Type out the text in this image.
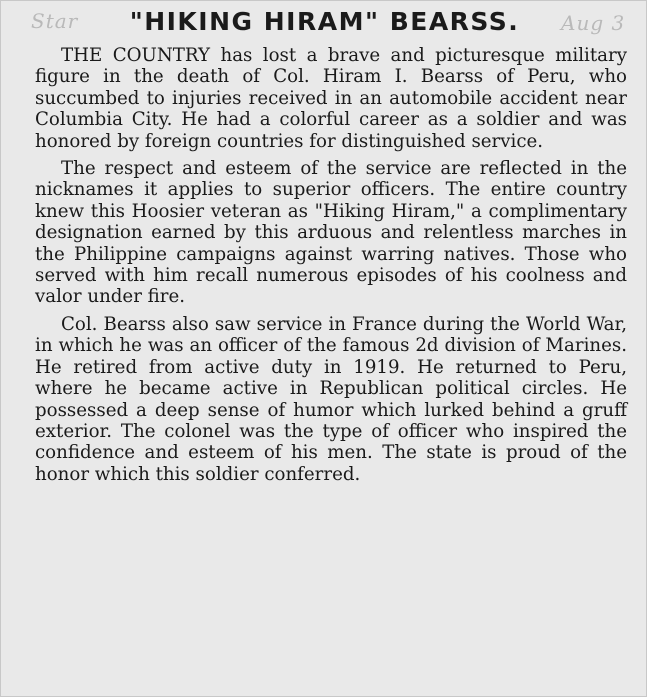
Star	Aug 3
"HIKING HIRAM" BEARSS.

THE COUNTRY has lost a brave and picturesque military figure in the death of Col. Hiram I. Bearss of Peru, who succumbed to injuries received in an automobile accident near Columbia City. He had a colorful career as a soldier and was honored by foreign countries for distinguished service.

The respect and esteem of the service are reflected in the nicknames it applies to superior officers. The entire country knew this Hoosier veteran as "Hiking Hiram," a complimentary designation earned by this arduous and relentless marches in the Philippine campaigns against warring natives. Those who served with him recall numerous episodes of his coolness and valor under fire.

Col. Bearss also saw service in France during the World War, in which he was an officer of the famous 2d division of Marines. He retired from active duty in 1919. He returned to Peru, where he became active in Republican political circles. He possessed a deep sense of humor which lurked behind a gruff exterior. The colonel was the type of officer who inspired the confidence and esteem of his men. The state is proud of the honor which this soldier conferred.
